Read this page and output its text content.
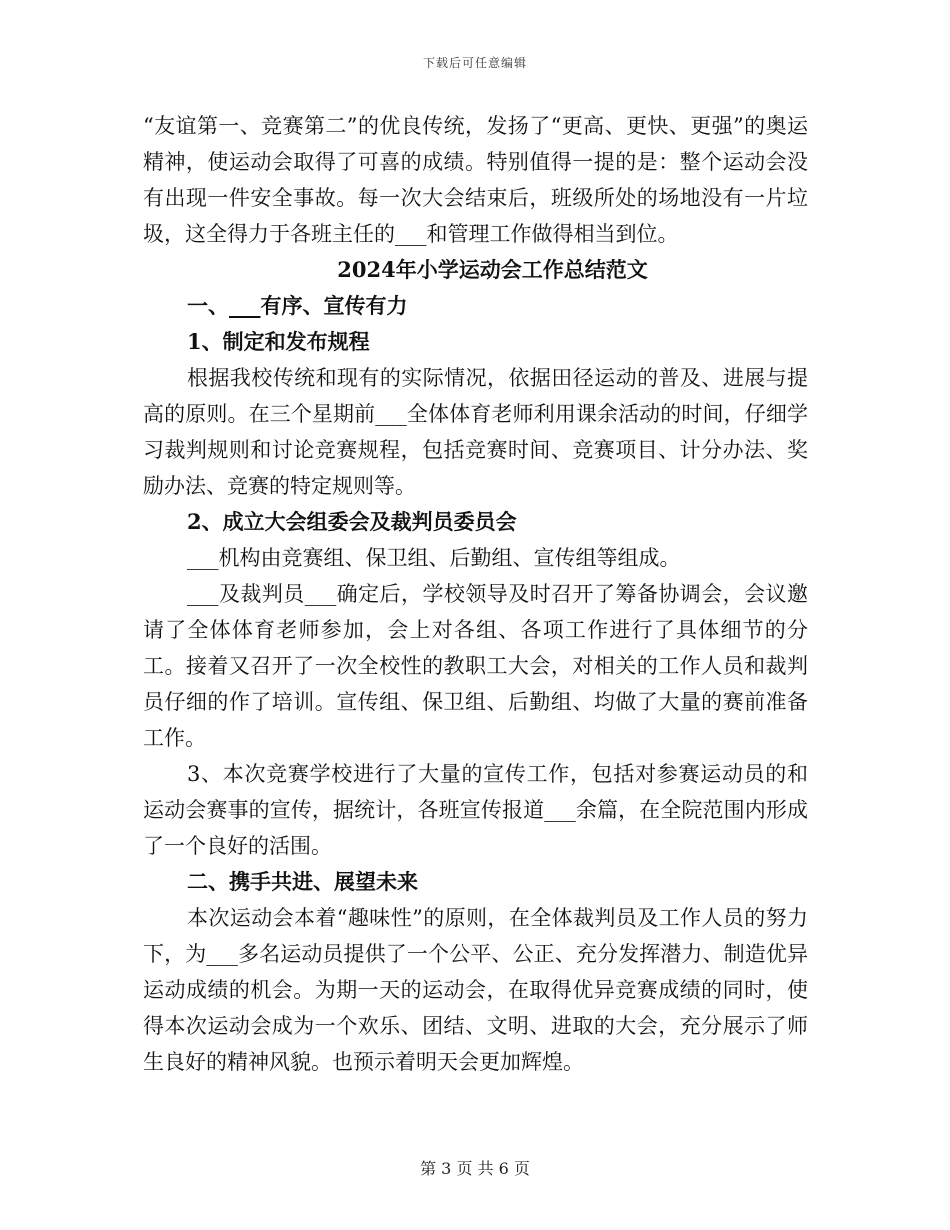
下载后可任意编辑

“友谊第一、竞赛第二”的优良传统，发扬了“更高、更快、更强”的奥运精神，使运动会取得了可喜的成绩。特别值得一提的是：整个运动会没有出现一件安全事故。每一次大会结束后，班级所处的场地没有一片垃圾，这全得力于各班主任的___和管理工作做得相当到位。

2024年小学运动会工作总结范文

一、___有序、宣传有力

1、制定和发布规程

根据我校传统和现有的实际情况，依据田径运动的普及、进展与提高的原则。在三个星期前___全体体育老师利用课余活动的时间，仔细学习裁判规则和讨论竞赛规程，包括竞赛时间、竞赛项目、计分办法、奖励办法、竞赛的特定规则等。

2、成立大会组委会及裁判员委员会

___机构由竞赛组、保卫组、后勤组、宣传组等组成。

___及裁判员___确定后，学校领导及时召开了筹备协调会，会议邀请了全体体育老师参加，会上对各组、各项工作进行了具体细节的分工。接着又召开了一次全校性的教职工大会，对相关的工作人员和裁判员仔细的作了培训。宣传组、保卫组、后勤组、均做了大量的赛前准备工作。

3、本次竞赛学校进行了大量的宣传工作，包括对参赛运动员的和运动会赛事的宣传，据统计，各班宣传报道___余篇，在全院范围内形成了一个良好的活围。

二、携手共进、展望未来

本次运动会本着“趣味性”的原则，在全体裁判员及工作人员的努力下，为___多名运动员提供了一个公平、公正、充分发挥潜力、制造优异运动成绩的机会。为期一天的运动会，在取得优异竞赛成绩的同时，使得本次运动会成为一个欢乐、团结、文明、进取的大会，充分展示了师生良好的精神风貌。也预示着明天会更加辉煌。

第 3 页 共 6 页
